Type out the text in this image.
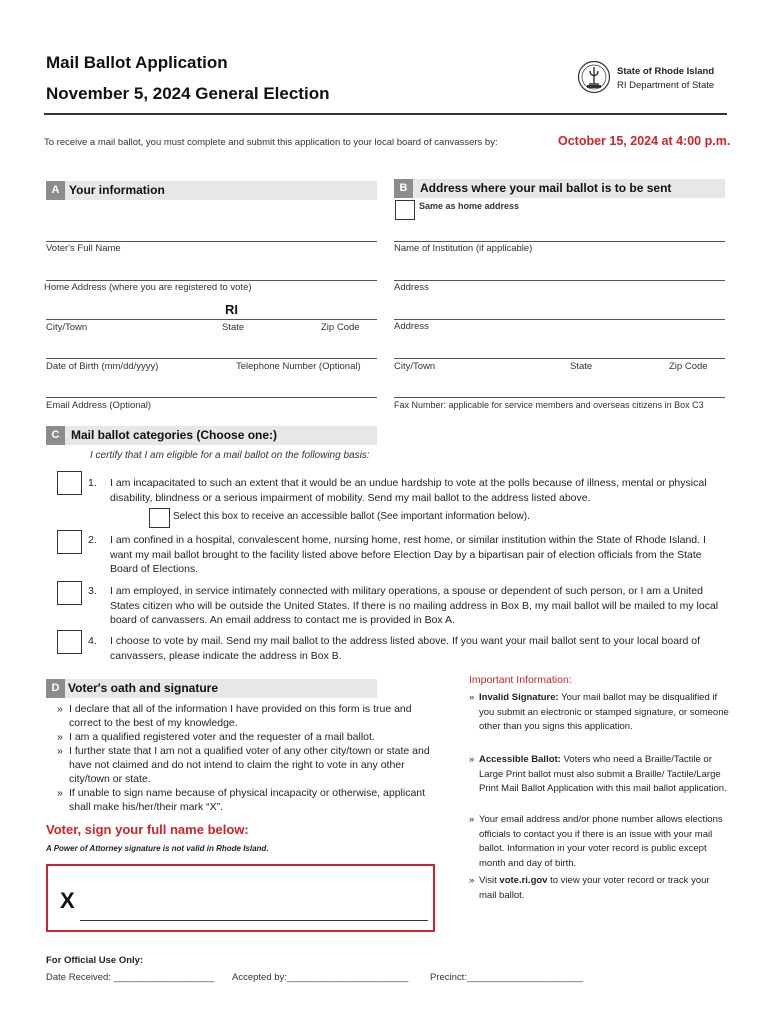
Mail Ballot Application
November 5, 2024 General Election
State of Rhode Island
RI Department of State
To receive a mail ballot, you must complete and submit this application to your local board of canvassers by:	October 15, 2024 at 4:00 p.m.
A Your information
Voter's Full Name
Home Address (where you are registered to vote)
RI
City/Town	State	Zip Code
Date of Birth (mm/dd/yyyy)	Telephone Number (Optional)
Email Address (Optional)
B	Address where your mail ballot is to be sent
Same as home address
Name of Institution (if applicable)
Address
Address
City/Town	State	Zip Code
Fax Number: applicable for service members and overseas citizens in Box C3
C Mail ballot categories (Choose one:)
I certify that I am eligible for a mail ballot on the following basis:
1. I am incapacitated to such an extent that it would be an undue hardship to vote at the polls because of illness, mental or physical disability, blindness or a serious impairment of mobility. Send my mail ballot to the address listed above.
Select this box to receive an accessible ballot (See important information below).
2. I am confined in a hospital, convalescent home, nursing home, rest home, or similar institution within the State of Rhode Island. I want my mail ballot brought to the facility listed above before Election Day by a bipartisan pair of election officials from the State Board of Elections.
3. I am employed, in service intimately connected with military operations, a spouse or dependent of such person, or I am a United States citizen who will be outside the United States. If there is no mailing address in Box B, my mail ballot will be mailed to my local board of canvassers. An email address to contact me is provided in Box A.
4. I choose to vote by mail. Send my mail ballot to the address listed above. If you want your mail ballot sent to your local board of canvassers, please indicate the address in Box B.
D Voter's oath and signature
» I declare that all of the information I have provided on this form is true and correct to the best of my knowledge.
» I am a qualified registered voter and the requester of a mail ballot.
» I further state that I am not a qualified voter of any other city/town or state and have not claimed and do not intend to claim the right to vote in any other city/town or state.
» If unable to sign name because of physical incapacity or otherwise, applicant shall make his/her/their mark “X”.
Voter, sign your full name below:
A Power of Attorney signature is not valid in Rhode Island.
X
Important Information:
» Invalid Signature: Your mail ballot may be disqualified if you submit an electronic or stamped signature, or someone other than you signs this application.
» Accessible Ballot: Voters who need a Braille/Tactile or Large Print ballot must also submit a Braille/ Tactile/Large Print Mail Ballot Application with this mail ballot application.
» Your email address and/or phone number allows elections officials to contact you if there is an issue with your mail ballot. Information in your voter record is public except month and day of birth.
» Visit vote.ri.gov to view your voter record or track your mail ballot.
For Official Use Only:
Date Received: ___________________ Accepted by:_______________________ Precinct:______________________
